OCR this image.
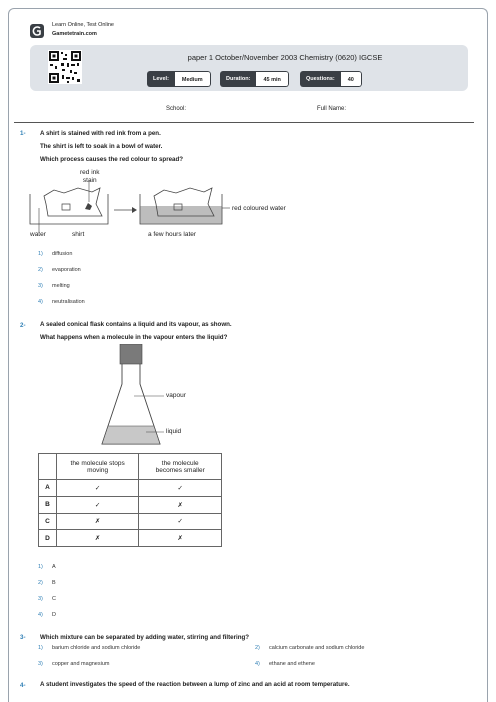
Learn Online, Test Online
Gametetrain.com
paper 1 October/November 2003 Chemistry (0620) IGCSE
Level:	Medium	Duration:	45 min	Questions:	40
School:	Full Name:
1- A shirt is stained with red ink from a pen.
The shirt is left to soak in a bowl of water.
Which process causes the red colour to spread?
red ink
stain
water	shirt	a few hours later
red coloured water
1) diffusion
2) evaporation
3) melting
4) neutralisation
2- A sealed conical flask contains a liquid and its vapour, as shown.
What happens when a molecule in the vapour enters the liquid?
vapour
liquid
	the molecule stops moving	the molecule becomes smaller
A	✓	✓
B	✓	✗
C	✗	✓
D	✗	✗
1) A
2) B
3) C
4) D
3- Which mixture can be separated by adding water, stirring and filtering?
1) barium chloride and sodium chloride	2) calcium carbonate and sodium chloride
3) copper and magnesium	4) ethane and ethene
4- A student investigates the speed of the reaction between a lump of zinc and an acid at room temperature.
